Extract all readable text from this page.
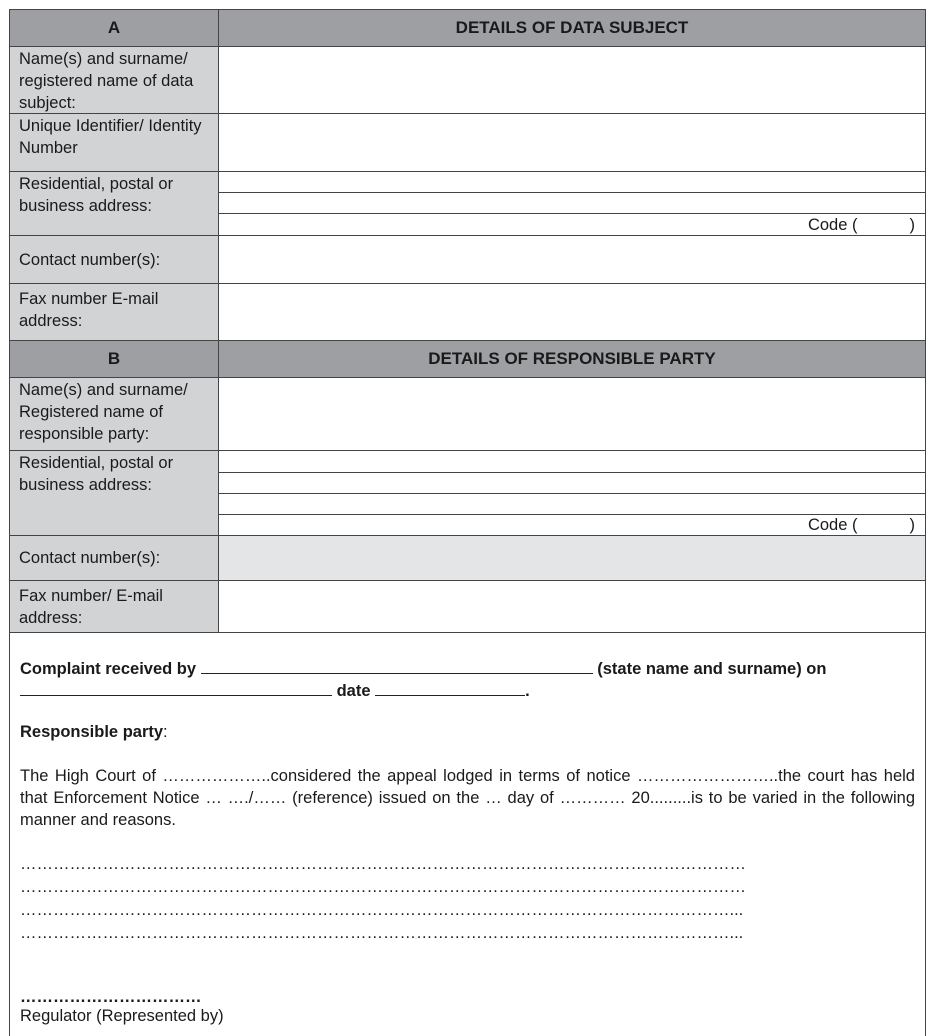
A	DETAILS OF DATA SUBJECT
Name(s) and surname/ registered name of data subject:
Unique Identifier/ Identity Number
Residential, postal or business address:
Code (	)
Contact number(s):
Fax number E-mail address:
B	DETAILS OF RESPONSIBLE PARTY
Name(s) and surname/ Registered name of responsible party:
Residential, postal or business address:
Code (	)
Contact number(s):
Fax number/ E-mail address:
Complaint received by	(state name and surname) on
date	.
Responsible party:
The High Court of ………………..considered the appeal lodged in terms of notice ……………………..the court has held that Enforcement Notice … …./…… (reference) issued on the … day of ………… 20.........is to be varied in the following manner and reasons.
……………………………………………………………………………………………………………………
……………………………………………………………………………………………………………………
…………………………………………………………………………………………………………………...
…………………………………………………………………………………………………………………...
……………………………
Regulator (Represented by)
